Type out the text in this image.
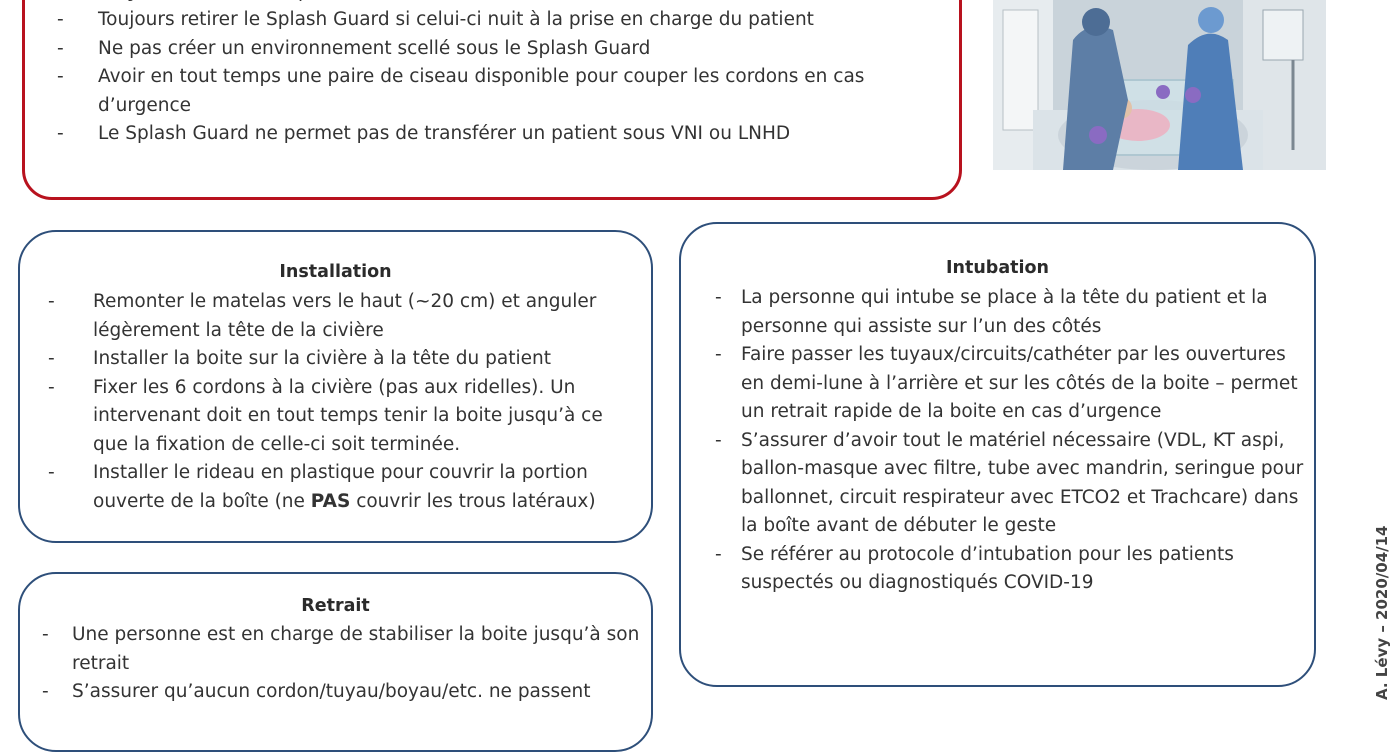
-
- Toujours retirer le Splash Guard si celui-ci nuit à la prise en charge du patient
- Ne pas créer un environnement scellé sous le Splash Guard
- Avoir en tout temps une paire de ciseau disponible pour couper les cordons en cas d’urgence
- Le Splash Guard ne permet pas de transférer un patient sous VNI ou LNHD
Installation
- Remonter le matelas vers le haut (~20 cm) et anguler légèrement la tête de la civière
- Installer la boite sur la civière à la tête du patient
- Fixer les 6 cordons à la civière (pas aux ridelles). Un intervenant doit en tout temps tenir la boite jusqu’à ce que la fixation de celle-ci soit terminée.
- Installer le rideau en plastique pour couvrir la portion ouverte de la boîte (ne PAS couvrir les trous latéraux)
Intubation
- La personne qui intube se place à la tête du patient et la personne qui assiste sur l’un des côtés
- Faire passer les tuyaux/circuits/cathéter par les ouvertures en demi-lune à l’arrière et sur les côtés de la boite – permet un retrait rapide de la boite en cas d’urgence
- S’assurer d’avoir tout le matériel nécessaire (VDL, KT aspi, ballon-masque avec filtre, tube avec mandrin, seringue pour ballonnet, circuit respirateur avec ETCO2 et Trachcare) dans la boîte avant de débuter le geste
- Se référer au protocole d’intubation pour les patients suspectés ou diagnostiqués COVID-19
Retrait
- Une personne est en charge de stabiliser la boite jusqu’à son retrait
- S’assurer qu’aucun cordon/tuyau/boyau/etc. ne passent	A. Lévy – 2020/04/14
